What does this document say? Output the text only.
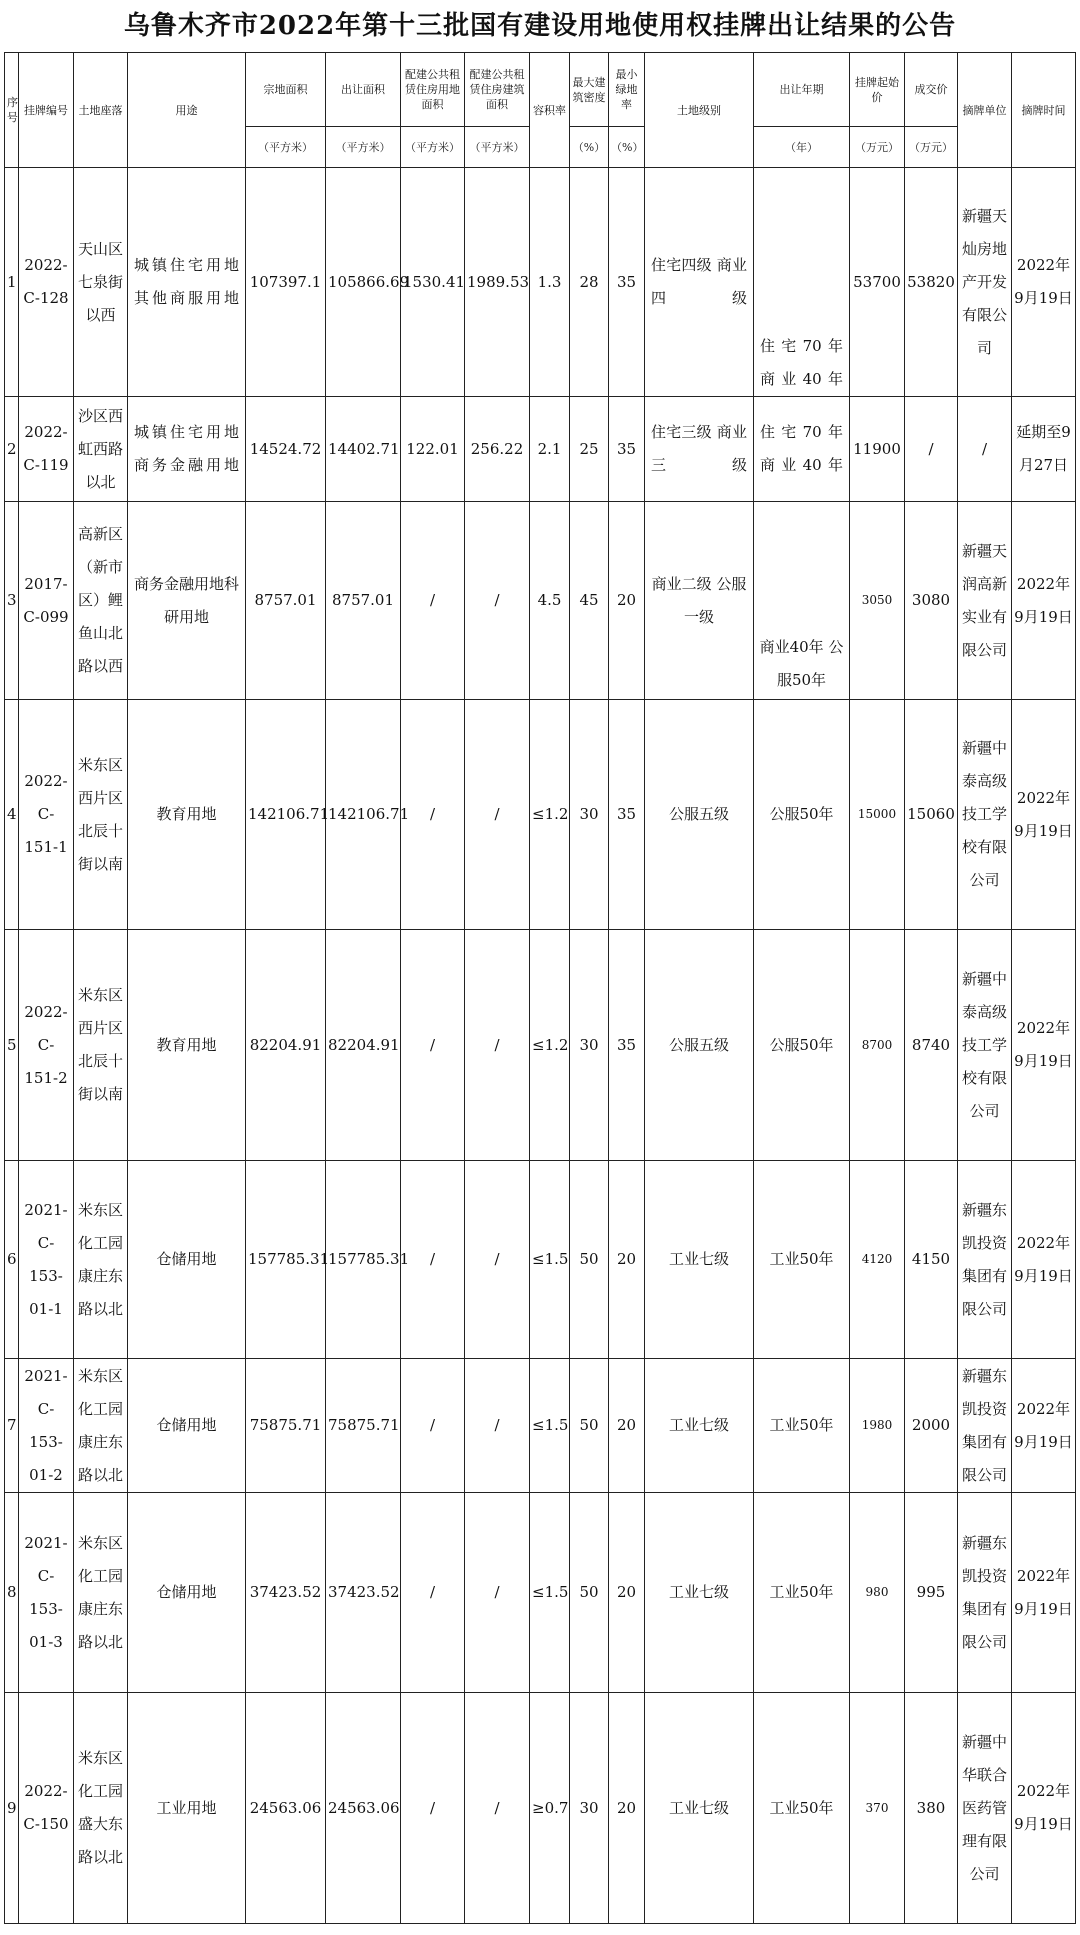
乌鲁木齐市2022年第十三批国有建设用地使用权挂牌出让结果的公告
序号	挂牌编号	土地座落	用途	宗地面积	出让面积	配建公共租赁住房用地面积	配建公共租赁住房建筑面积	容积率	最大建筑密度	最小绿地率	土地级别	出让年期	挂牌起始价	成交价	摘牌单位	摘牌时间
				（平方米）	（平方米）	（平方米）	（平方米）		（%）	（%）		（年）	（万元）	（万元）		
1	2022-C-128	天山区七泉街以西	城镇住宅用地 其他商服用地	107397.1	105866.69	1530.41	1989.53	1.3	28	35	住宅四级 商业四级	住宅70年 商业40年	53700	53820	新疆天灿房地产开发有限公司	2022年9月19日
2	2022-C-119	沙区西虹西路以北	城镇住宅用地 商务金融用地	14524.72	14402.71	122.01	256.22	2.1	25	35	住宅三级 商业三级	住宅70年 商业40年	11900	/	/	延期至9月27日
3	2017-C-099	高新区（新市区）鲤鱼山北路以西	商务金融用地科研用地	8757.01	8757.01	/	/	4.5	45	20	商业二级 公服一级	商业40年 公服50年	3050	3080	新疆天润高新实业有限公司	2022年9月19日
4	2022-C-151-1	米东区西片区北辰十街以南	教育用地	142106.71	142106.71	/	/	≤1.2	30	35	公服五级	公服50年	15000	15060	新疆中泰高级技工学校有限公司	2022年9月19日
5	2022-C-151-2	米东区西片区北辰十街以南	教育用地	82204.91	82204.91	/	/	≤1.2	30	35	公服五级	公服50年	8700	8740	新疆中泰高级技工学校有限公司	2022年9月19日
6	2021-C-153-01-1	米东区化工园康庄东路以北	仓储用地	157785.31	157785.31	/	/	≤1.5	50	20	工业七级	工业50年	4120	4150	新疆东凯投资集团有限公司	2022年9月19日
7	2021-C-153-01-2	米东区化工园康庄东路以北	仓储用地	75875.71	75875.71	/	/	≤1.5	50	20	工业七级	工业50年	1980	2000	新疆东凯投资集团有限公司	2022年9月19日
8	2021-C-153-01-3	米东区化工园康庄东路以北	仓储用地	37423.52	37423.52	/	/	≤1.5	50	20	工业七级	工业50年	980	995	新疆东凯投资集团有限公司	2022年9月19日
9	2022-C-150	米东区化工园盛大东路以北	工业用地	24563.06	24563.06	/	/	≥0.7	30	20	工业七级	工业50年	370	380	新疆中华联合医药管理有限公司	2022年9月19日
